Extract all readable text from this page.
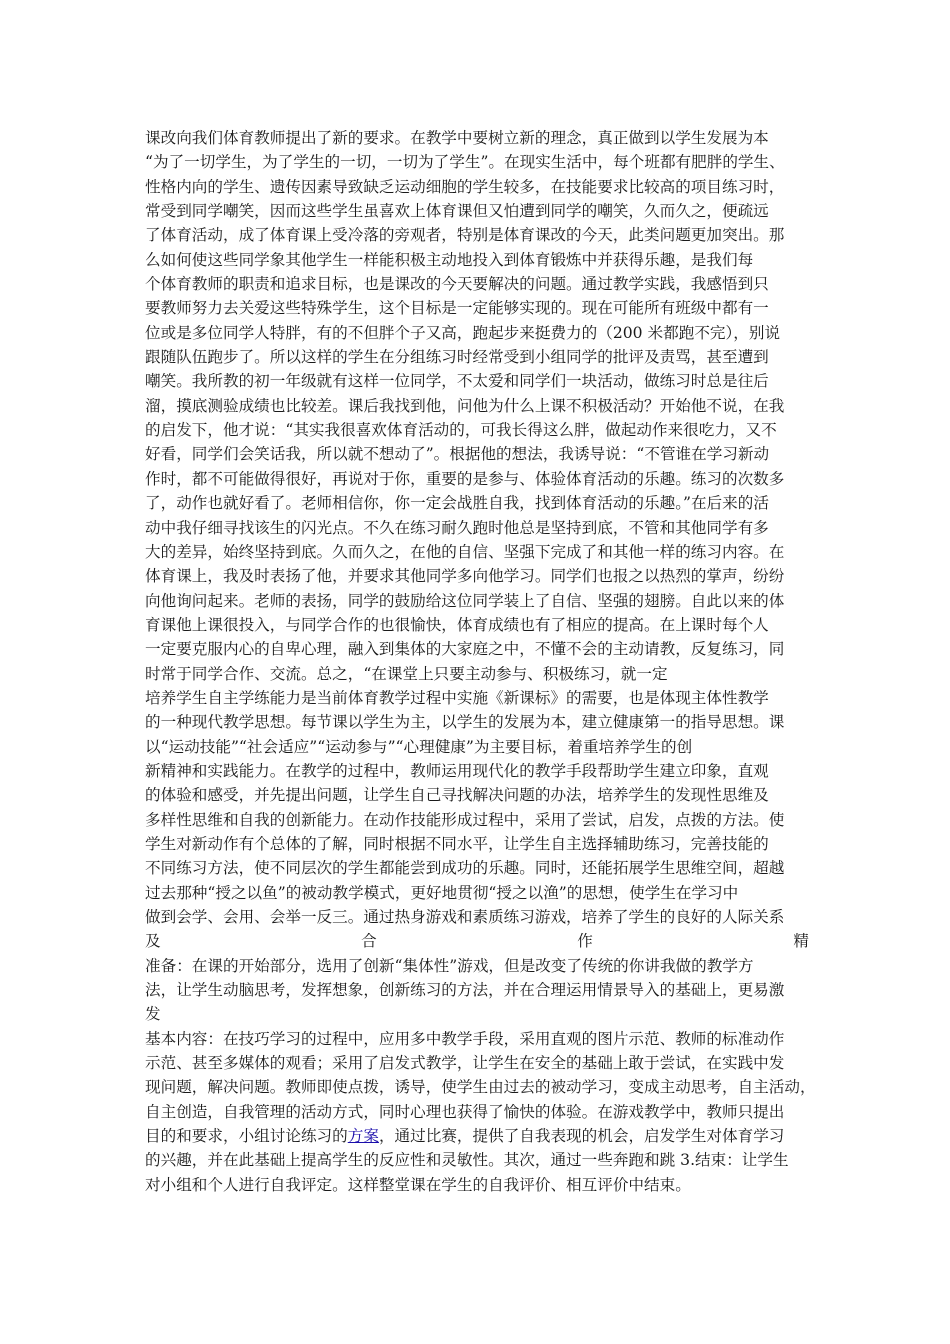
课改向我们体育教师提出了新的要求。在教学中要树立新的理念，真正做到以学生发展为本
“为了一切学生，为了学生的一切，一切为了学生”。在现实生活中，每个班都有肥胖的学生、
性格内向的学生、遗传因素导致缺乏运动细胞的学生较多，在技能要求比较高的项目练习时，
常受到同学嘲笑，因而这些学生虽喜欢上体育课但又怕遭到同学的嘲笑，久而久之，便疏远
了体育活动，成了体育课上受冷落的旁观者，特别是体育课改的今天，此类问题更加突出。那
么如何使这些同学象其他学生一样能积极主动地投入到体育锻炼中并获得乐趣，是我们每
个体育教师的职责和追求目标，也是课改的今天要解决的问题。通过教学实践，我感悟到只
要教师努力去关爱这些特殊学生，这个目标是一定能够实现的。现在可能所有班级中都有一
位或是多位同学人特胖，有的不但胖个子又高，跑起步来挺费力的（200 米都跑不完），别说
跟随队伍跑步了。所以这样的学生在分组练习时经常受到小组同学的批评及责骂，甚至遭到
嘲笑。我所教的初一年级就有这样一位同学，不太爱和同学们一块活动，做练习时总是往后
溜，摸底测验成绩也比较差。课后我找到他，问他为什么上课不积极活动？开始他不说，在我
的启发下，他才说：“其实我很喜欢体育活动的，可我长得这么胖，做起动作来很吃力，又不
好看，同学们会笑话我，所以就不想动了”。根据他的想法，我诱导说：“不管谁在学习新动
作时，都不可能做得很好，再说对于你，重要的是参与、体验体育活动的乐趣。练习的次数多
了，动作也就好看了。老师相信你，你一定会战胜自我，找到体育活动的乐趣。”在后来的活
动中我仔细寻找该生的闪光点。不久在练习耐久跑时他总是坚持到底，不管和其他同学有多
大的差异，始终坚持到底。久而久之，在他的自信、坚强下完成了和其他一样的练习内容。在
体育课上，我及时表扬了他，并要求其他同学多向他学习。同学们也报之以热烈的掌声，纷纷
向他询问起来。老师的表扬，同学的鼓励给这位同学装上了自信、坚强的翅膀。自此以来的体
育课他上课很投入，与同学合作的也很愉快，体育成绩也有了相应的提高。在上课时每个人
一定要克服内心的自卑心理，融入到集体的大家庭之中，不懂不会的主动请教，反复练习，同
时常于同学合作、交流。总之，“在课堂上只要主动参与、积极练习，就一定
培养学生自主学练能力是当前体育教学过程中实施《新课标》的需要，也是体现主体性教学
的一种现代教学思想。每节课以学生为主，以学生的发展为本，建立健康第一的指导思想。课
以“运动技能”“社会适应”“运动参与”“心理健康”为主要目标，着重培养学生的创
新精神和实践能力。在教学的过程中，教师运用现代化的教学手段帮助学生建立印象，直观
的体验和感受，并先提出问题，让学生自己寻找解决问题的办法，培养学生的发现性思维及
多样性思维和自我的创新能力。在动作技能形成过程中，采用了尝试，启发，点拨的方法。使
学生对新动作有个总体的了解，同时根据不同水平，让学生自主选择辅助练习，完善技能的
不同练习方法，使不同层次的学生都能尝到成功的乐趣。同时，还能拓展学生思维空间，超越
过去那种“授之以鱼”的被动教学模式，更好地贯彻“授之以渔”的思想，使学生在学习中
做到会学、会用、会举一反三。通过热身游戏和素质练习游戏，培养了学生的良好的人际关系
及	合	作	精
准备：在课的开始部分，选用了创新“集体性”游戏，但是改变了传统的你讲我做的教学方
法，让学生动脑思考，发挥想象，创新练习的方法，并在合理运用情景导入的基础上，更易激
发
基本内容：在技巧学习的过程中，应用多中教学手段，采用直观的图片示范、教师的标准动作
示范、甚至多媒体的观看；采用了启发式教学，让学生在安全的基础上敢于尝试，在实践中发
现问题，解决问题。教师即使点拨，诱导，使学生由过去的被动学习，变成主动思考，自主活动，
自主创造，自我管理的活动方式，同时心理也获得了愉快的体验。在游戏教学中，教师只提出
目的和要求，小组讨论练习的方案，通过比赛，提供了自我表现的机会，启发学生对体育学习
的兴趣，并在此基础上提高学生的反应性和灵敏性。其次，通过一些奔跑和跳 3.结束：让学生
对小组和个人进行自我评定。这样整堂课在学生的自我评价、相互评价中结束。
